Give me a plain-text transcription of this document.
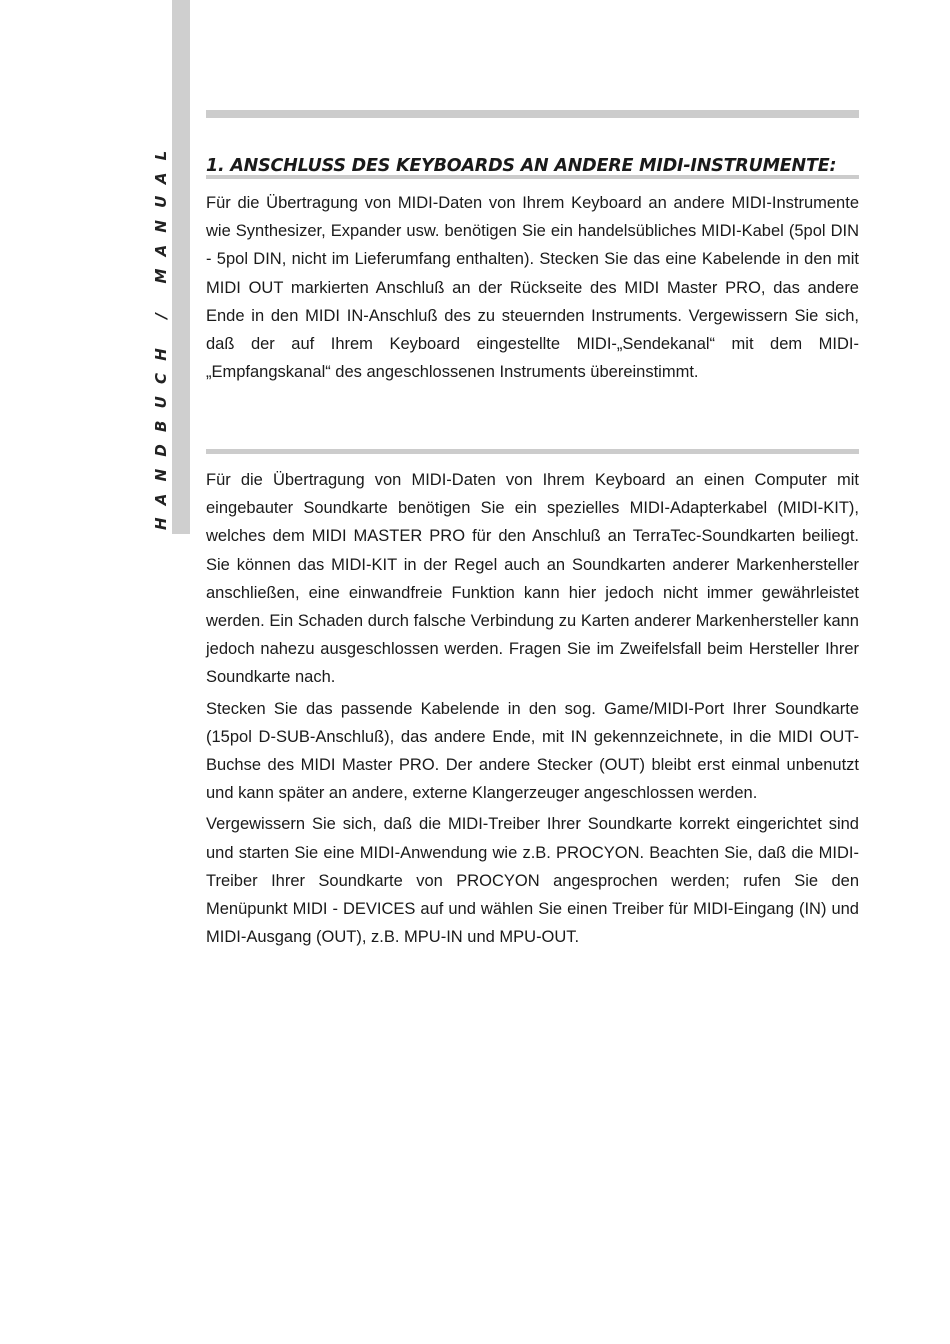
HANDBUCH / MANUAL 1. ANSCHLUSS DES KEYBOARDS AN ANDERE MIDI-INSTRUMENTE:

Für die Übertragung von MIDI-Daten von Ihrem Keyboard an andere MIDI-Instrumente wie Synthesizer, Expander usw. benötigen Sie ein handelsübliches MIDI-Kabel (5pol DIN - 5pol DIN, nicht im Lieferumfang enthalten). Stecken Sie das eine Kabelende in den mit MIDI OUT markierten Anschluß an der Rückseite des MIDI Master PRO, das andere Ende in den MIDI IN-Anschluß des zu steuernden Instruments. Vergewissern Sie sich, daß der auf Ihrem Keyboard eingestellte MIDI-„Sendekanal“ mit dem MIDI-„Empfangskanal“ des angeschlossenen Instruments übereinstimmt.

Für die Übertragung von MIDI-Daten von Ihrem Keyboard an einen Computer mit eingebauter Soundkarte benötigen Sie ein spezielles MIDI-Adapterkabel (MIDI-KIT), welches dem MIDI MASTER PRO für den Anschluß an TerraTec-Soundkarten beiliegt. Sie können das MIDI-KIT in der Regel auch an Soundkarten anderer Markenhersteller anschließen, eine einwandfreie Funktion kann hier jedoch nicht immer gewährleistet werden. Ein Schaden durch falsche Verbindung zu Karten anderer Markenhersteller kann jedoch nahezu ausgeschlossen werden. Fragen Sie im Zweifelsfall beim Hersteller Ihrer Soundkarte nach.

Stecken Sie das passende Kabelende in den sog. Game/MIDI-Port Ihrer Soundkarte (15pol D-SUB-Anschluß), das andere Ende, mit IN gekennzeichnete, in die MIDI OUT-Buchse des MIDI Master PRO. Der andere Stecker (OUT) bleibt erst einmal unbenutzt und kann später an andere, externe Klangerzeuger angeschlossen werden.

Vergewissern Sie sich, daß die MIDI-Treiber Ihrer Soundkarte korrekt eingerichtet sind und starten Sie eine MIDI-Anwendung wie z.B. PROCYON. Beachten Sie, daß die MIDI-Treiber Ihrer Soundkarte von PROCYON angesprochen werden; rufen Sie den Menüpunkt MIDI - DEVICES auf und wählen Sie einen Treiber für MIDI-Eingang (IN) und MIDI-Ausgang (OUT), z.B. MPU-IN und MPU-OUT.
